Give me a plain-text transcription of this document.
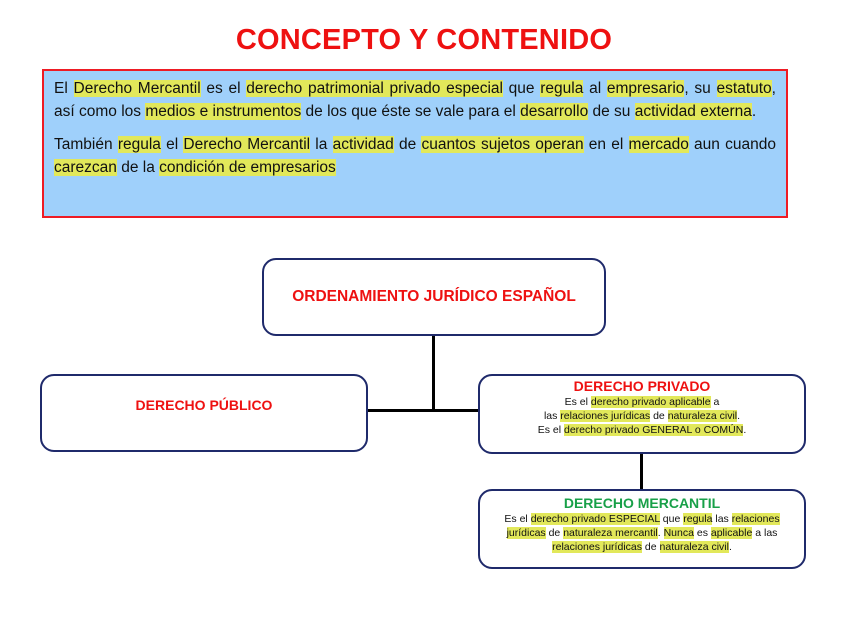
CONCEPTO Y CONTENIDO

El Derecho Mercantil es el derecho patrimonial privado especial que regula al empresario, su estatuto, así como los medios e instrumentos de los que éste se vale para el desarrollo de su actividad externa.

También regula el Derecho Mercantil la actividad de cuantos sujetos operan en el mercado aun cuando carezcan de la condición de empresarios

ORDENAMIENTO JURÍDICO ESPAÑOL
DERECHO PÚBLICO
DERECHO PRIVADO
Es el derecho privado aplicable a
las relaciones jurídicas de naturaleza civil.
Es el derecho privado GENERAL o COMÚN.
DERECHO MERCANTIL
Es el derecho privado ESPECIAL que regula las relaciones
jurídicas de naturaleza mercantil. Nunca es aplicable a las
relaciones jurídicas de naturaleza civil.
